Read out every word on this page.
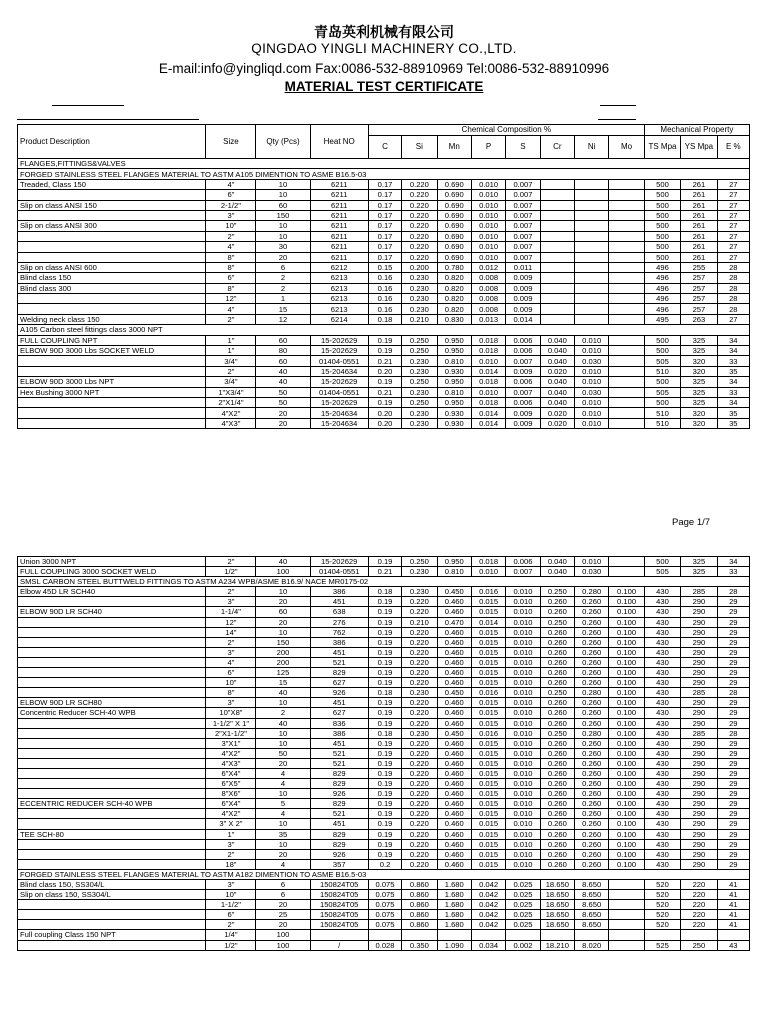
青岛英利机械有限公司
QINGDAO YINGLI MACHINERY CO.,LTD.
E-mail:info@yingliqd.com Fax:0086-532-88910969 Tel:0086-532-88910996
MATERIAL TEST CERTIFICATE
Product Description	Size	Qty (Pcs)	Heat NO	Chemical Composition %								Mechanical Property		
				C	Si	Mn	P	S	Cr	Ni	Mo	TS Mpa	YS Mpa	E %
FLANGES,FITTINGS&VALVES														
FORGED STAINLESS STEEL FLANGES MATERIAL TO ASTM A105 DIMENTION TO ASME B16.5-03														
Treaded, Class 150	4"	10	6211	0.17	0.220	0.690	0.010	0.007				500	261	27
	6"	10	6211	0.17	0.220	0.690	0.010	0.007				500	261	27
Slip on class ANSI 150	2-1/2"	60	6211	0.17	0.220	0.690	0.010	0.007				500	261	27
	3"	150	6211	0.17	0.220	0.690	0.010	0.007				500	261	27
Slip on class ANSI 300	10"	10	6211	0.17	0.220	0.690	0.010	0.007				500	261	27
	2"	10	6211	0.17	0.220	0.690	0.010	0.007				500	261	27
	4"	30	6211	0.17	0.220	0.690	0.010	0.007				500	261	27
	8"	20	6211	0.17	0.220	0.690	0.010	0.007				500	261	27
Slip on class ANSI 600	8"	6	6212	0.15	0.200	0.780	0.012	0.011				496	255	28
Blind class 150	6"	2	6213	0.16	0.230	0.820	0.008	0.009				496	257	28
Blind class 300	8"	2	6213	0.16	0.230	0.820	0.008	0.009				496	257	28
	12"	1	6213	0.16	0.230	0.820	0.008	0.009				496	257	28
	4"	15	6213	0.16	0.230	0.820	0.008	0.009				496	257	28
Welding neck class 150	2"	12	6214	0.18	0.210	0.830	0.013	0.014				495	263	27
A105 Carbon steel fittings class 3000 NPT														
FULL COUPLING NPT	1"	60	15-202629	0.19	0.250	0.950	0.018	0.006	0.040	0.010		500	325	34
ELBOW 90D 3000 Lbs SOCKET WELD	1"	80	15-202629	0.19	0.250	0.950	0.018	0.006	0.040	0.010		500	325	34
	3/4"	60	01404-0551	0.21	0.230	0.810	0.010	0.007	0.040	0.030		505	320	33
	2"	40	15-204634	0.20	0.230	0.930	0.014	0.009	0.020	0.010		510	320	35
ELBOW 90D 3000 Lbs NPT	3/4"	40	15-202629	0.19	0.250	0.950	0.018	0.006	0.040	0.010		500	325	34
Hex Bushing 3000 NPT	1"X3/4"	50	01404-0551	0.21	0.230	0.810	0.010	0.007	0.040	0.030		505	325	33
	2"X1/4"	50	15-202629	0.19	0.250	0.950	0.018	0.006	0.040	0.010		500	325	34
	4"X2"	20	15-204634	0.20	0.230	0.930	0.014	0.009	0.020	0.010		510	320	35
	4"X3"	20	15-204634	0.20	0.230	0.930	0.014	0.009	0.020	0.010		510	320	35
Page 1/7
Union 3000 NPT	2"	40	15-202629	0.19	0.250	0.950	0.018	0.006	0.040	0.010		500	325	34
FULL COUPLING 3000 SOCKET WELD	1/2"	100	01404-0551	0.21	0.230	0.810	0.010	0.007	0.040	0.030		505	325	33
SMSL CARBON STEEL BUTTWELD FITTINGS TO ASTM A234 WPB/ASME B16.9/ NACE MR0175-02														
Elbow 45D LR SCH40	2"	10	386	0.18	0.230	0.450	0.016	0.010	0.250	0.280	0.100	430	285	28
	3"	20	451	0.19	0.220	0.460	0.015	0.010	0.260	0.260	0.100	430	290	29
ELBOW 90D LR SCH40	1-1/4"	60	638	0.19	0.220	0.460	0.015	0.010	0.260	0.260	0.100	430	290	29
	12"	20	276	0.19	0.210	0.470	0.014	0.010	0.250	0.260	0.100	430	290	29
	14"	10	762	0.19	0.220	0.460	0.015	0.010	0.260	0.260	0.100	430	290	29
	2"	150	386	0.19	0.220	0.460	0.015	0.010	0.260	0.260	0.100	430	290	29
	3"	200	451	0.19	0.220	0.460	0.015	0.010	0.260	0.260	0.100	430	290	29
	4"	200	521	0.19	0.220	0.460	0.015	0.010	0.260	0.260	0.100	430	290	29
	6"	125	829	0.19	0.220	0.460	0.015	0.010	0.260	0.260	0.100	430	290	29
	10"	15	627	0.19	0.220	0.460	0.015	0.010	0.260	0.260	0.100	430	290	29
	8"	40	926	0.18	0.230	0.450	0.016	0.010	0.250	0.280	0.100	430	285	28
ELBOW 90D LR SCH80	3"	10	451	0.19	0.220	0.460	0.015	0.010	0.260	0.260	0.100	430	290	29
Concentric Reducer SCH-40 WPB	10"X8"	2	627	0.19	0.220	0.460	0.015	0.010	0.260	0.260	0.100	430	290	29
	1-1/2" X 1"	40	836	0.19	0.220	0.460	0.015	0.010	0.260	0.260	0.100	430	290	29
	2"X1-1/2"	10	386	0.18	0.230	0.450	0.016	0.010	0.250	0.280	0.100	430	285	28
	3"X1"	10	451	0.19	0.220	0.460	0.015	0.010	0.260	0.260	0.100	430	290	29
	4"X2"	50	521	0.19	0.220	0.460	0.015	0.010	0.260	0.260	0.100	430	290	29
	4"X3"	20	521	0.19	0.220	0.460	0.015	0.010	0.260	0.260	0.100	430	290	29
	6"X4"	4	829	0.19	0.220	0.460	0.015	0.010	0.260	0.260	0.100	430	290	29
	6"X5"	4	829	0.19	0.220	0.460	0.015	0.010	0.260	0.260	0.100	430	290	29
	8"X6"	10	926	0.19	0.220	0.460	0.015	0.010	0.260	0.260	0.100	430	290	29
ECCENTRIC REDUCER SCH-40 WPB	6"X4"	5	829	0.19	0.220	0.460	0.015	0.010	0.260	0.260	0.100	430	290	29
	4"X2"	4	521	0.19	0.220	0.460	0.015	0.010	0.260	0.260	0.100	430	290	29
	3" X 2"	10	451	0.19	0.220	0.460	0.015	0.010	0.260	0.260	0.100	430	290	29
TEE SCH-80	1"	35	829	0.19	0.220	0.460	0.015	0.010	0.260	0.260	0.100	430	290	29
	3"	10	829	0.19	0.220	0.460	0.015	0.010	0.260	0.260	0.100	430	290	29
	2"	20	926	0.19	0.220	0.460	0.015	0.010	0.260	0.260	0.100	430	290	29
	18"	4	357	0.2	0.220	0.460	0.015	0.010	0.260	0.260	0.100	430	290	29
FORGED STAINLESS STEEL FLANGES MATERIAL TO ASTM A182 DIMENTION TO ASME B16.5-03														
Blind class 150, SS304/L	3"	6	150824T05	0.075	0.860	1.680	0.042	0.025	18.650	8.650		520	220	41
Slip on class 150, SS304/L	10"	6	150824T05	0.075	0.860	1.680	0.042	0.025	18.650	8.650		520	220	41
	1-1/2"	20	150824T05	0.075	0.860	1.680	0.042	0.025	18.650	8.650		520	220	41
	6"	25	150824T05	0.075	0.860	1.680	0.042	0.025	18.650	8.650		520	220	41
	2"	20	150824T05	0.075	0.860	1.680	0.042	0.025	18.650	8.650		520	220	41
Full coupling Class 150 NPT	1/4"	100												
	1/2"	100	/	0.028	0.350	1.090	0.034	0.002	18.210	8.020		525	250	43
